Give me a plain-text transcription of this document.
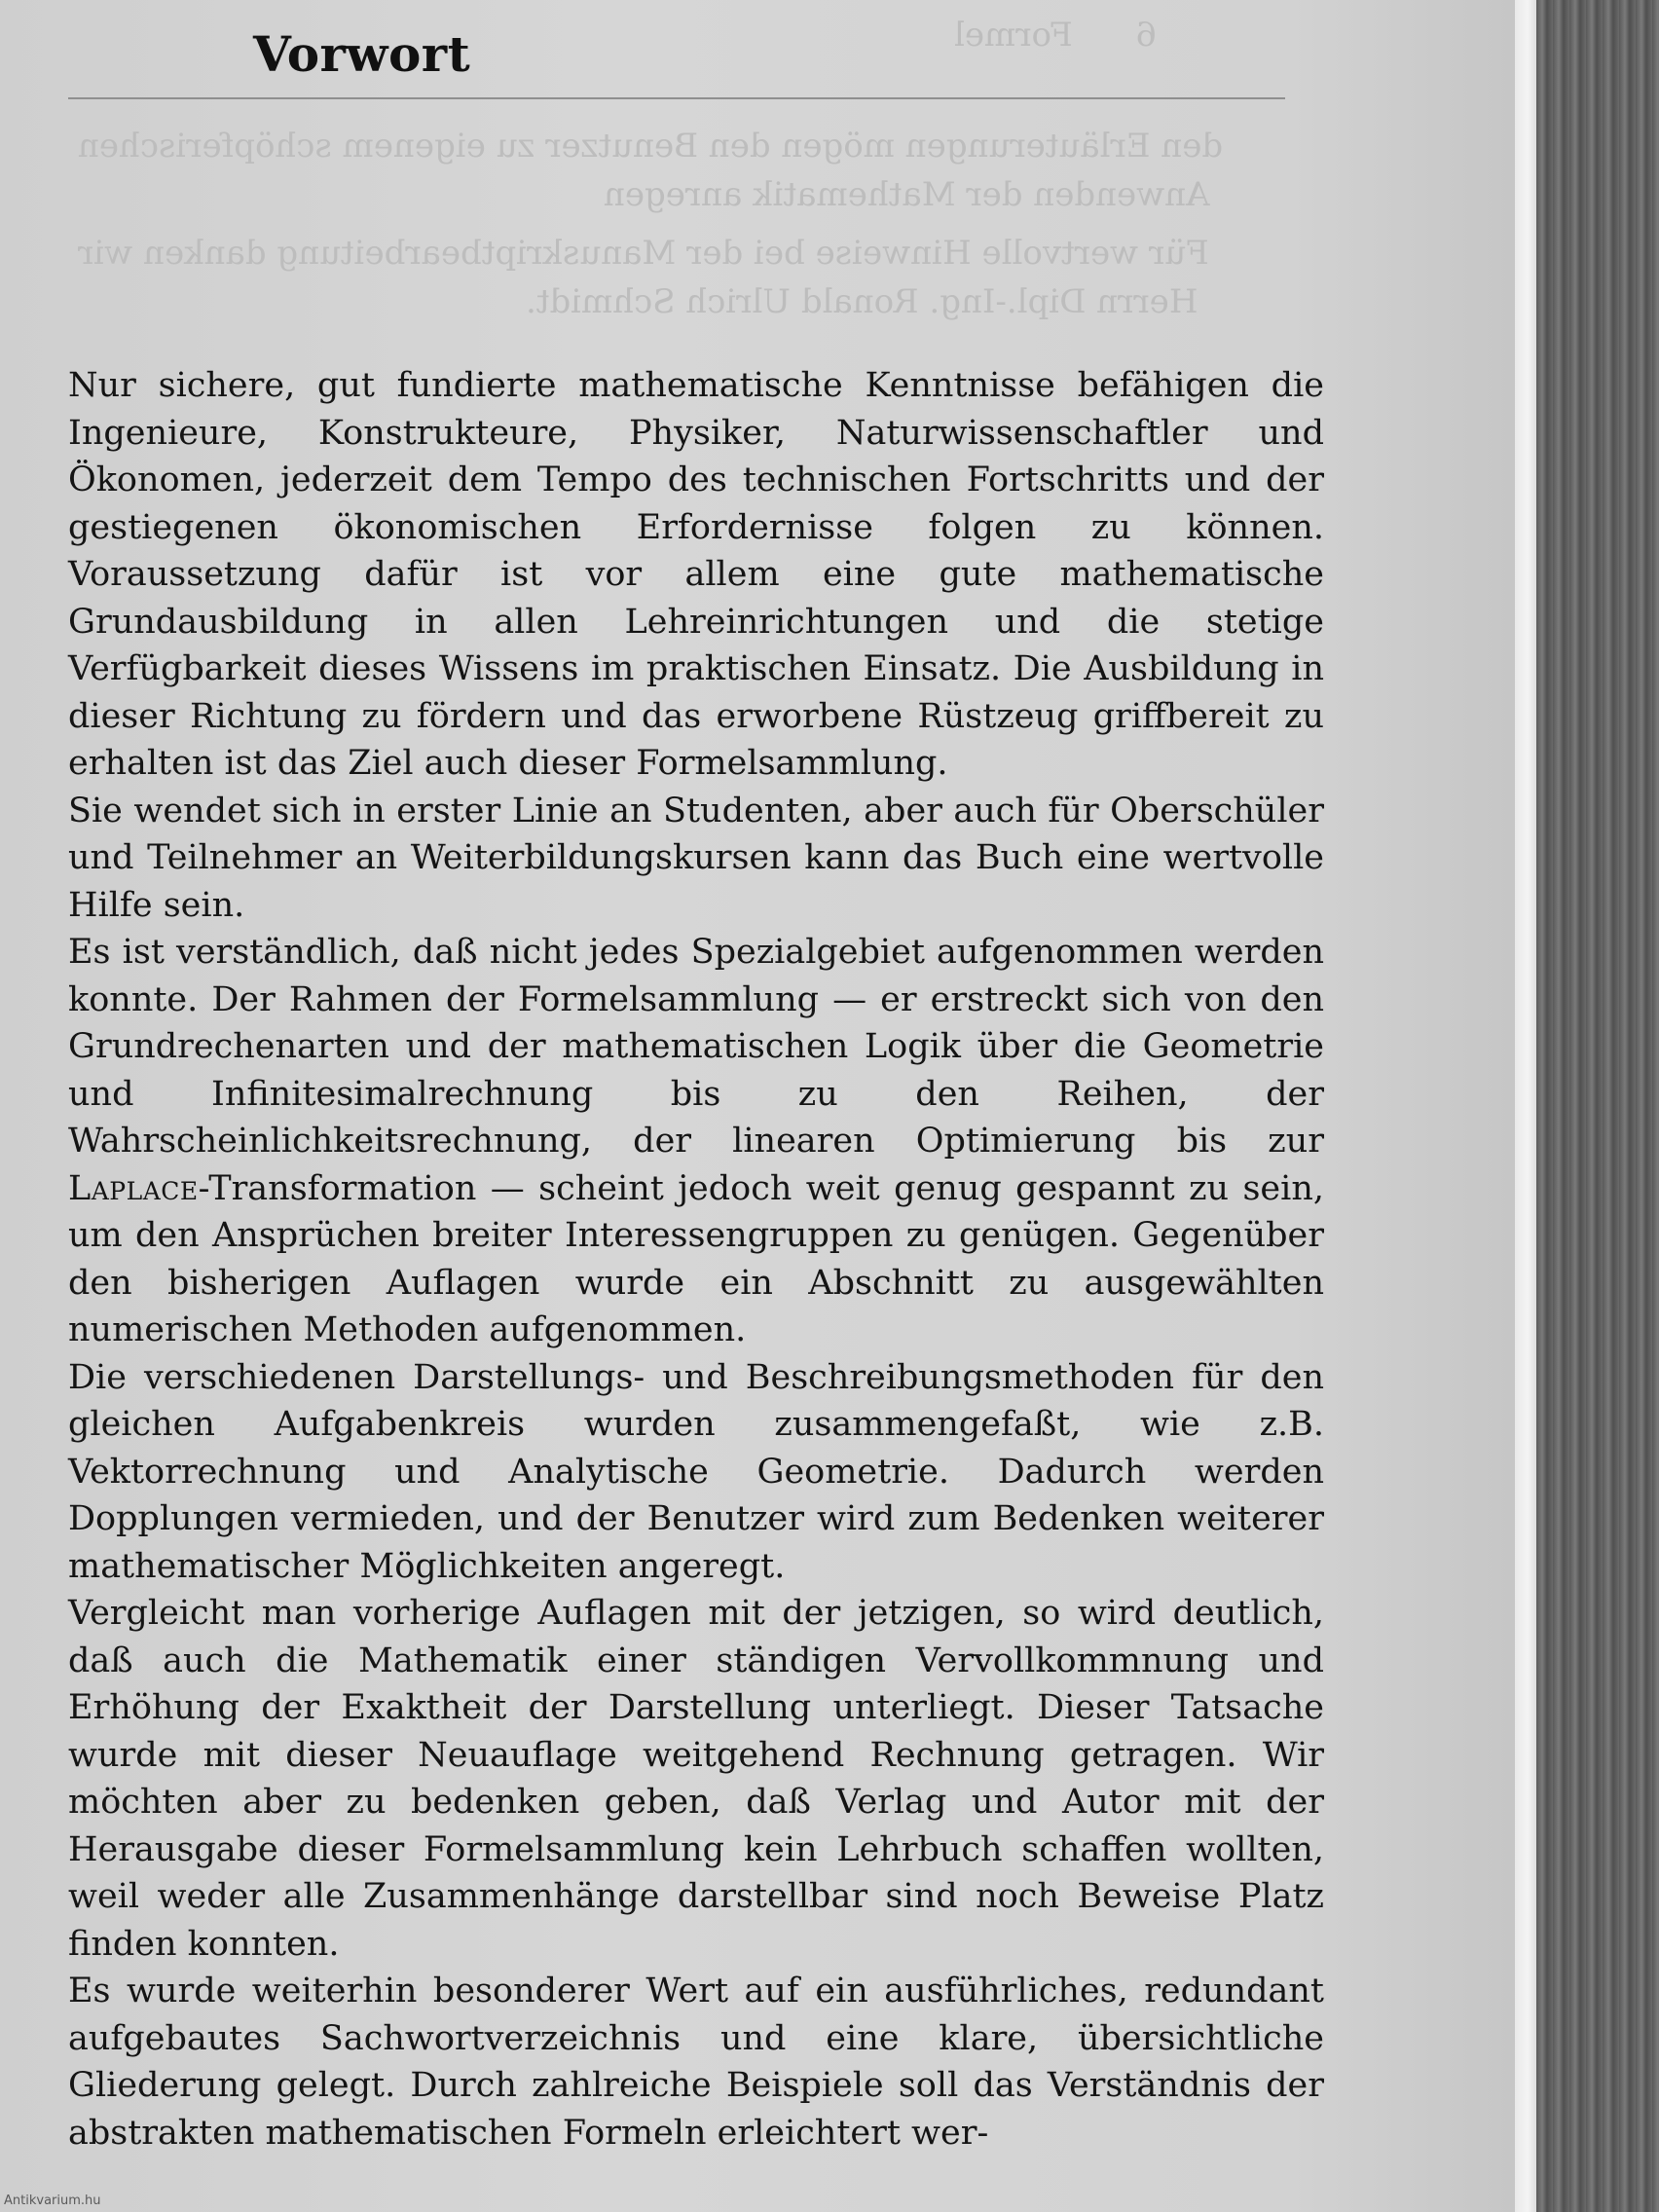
6      Formel
den Erläuterungen mögen den Benutzer zu eigenem schöpferischen
Anwenden der Mathematik anregen
Für wertvolle Hinweise bei der Manuskriptbearbeitung danken wir
Herrn Dipl.-Ing. Ronald Ulrich Schmidt.
Vorwort

Nur sichere, gut fundierte mathematische Kenntnisse befähigen die Ingenieure, Konstrukteure, Physiker, Naturwissenschaftler und Ökonomen, jederzeit dem Tempo des technischen Fortschritts und der gestiegenen ökonomischen Erfordernisse folgen zu können. Voraussetzung dafür ist vor allem eine gute mathematische Grundausbildung in allen Lehreinrichtungen und die stetige Verfügbarkeit dieses Wissens im praktischen Einsatz. Die Ausbildung in dieser Richtung zu fördern und das erworbene Rüstzeug griffbereit zu erhalten ist das Ziel auch dieser Formelsammlung.

Sie wendet sich in erster Linie an Studenten, aber auch für Oberschüler und Teilnehmer an Weiterbildungskursen kann das Buch eine wertvolle Hilfe sein.

Es ist verständlich, daß nicht jedes Spezialgebiet aufgenommen werden konnte. Der Rahmen der Formelsammlung — er erstreckt sich von den Grundrechenarten und der mathematischen Logik über die Geometrie und Infinitesimalrechnung bis zu den Reihen, der Wahrscheinlichkeitsrechnung, der linearen Optimierung bis zur Laplace-Transformation — scheint jedoch weit genug gespannt zu sein, um den Ansprüchen breiter Interessengruppen zu genügen. Gegenüber den bisherigen Auflagen wurde ein Abschnitt zu ausgewählten numerischen Methoden aufgenommen.

Die verschiedenen Darstellungs- und Beschreibungsmethoden für den gleichen Aufgabenkreis wurden zusammengefaßt, wie z.B. Vektorrechnung und Analytische Geometrie. Dadurch werden Dopplungen vermieden, und der Benutzer wird zum Bedenken weiterer mathematischer Möglichkeiten angeregt.

Vergleicht man vorherige Auflagen mit der jetzigen, so wird deutlich, daß auch die Mathematik einer ständigen Vervollkommnung und Erhöhung der Exaktheit der Darstellung unterliegt. Dieser Tatsache wurde mit dieser Neuauflage weitgehend Rechnung getragen. Wir möchten aber zu bedenken geben, daß Verlag und Autor mit der Herausgabe dieser Formelsammlung kein Lehrbuch schaffen wollten, weil weder alle Zusammenhänge darstellbar sind noch Beweise Platz finden konnten.

Es wurde weiterhin besonderer Wert auf ein ausführliches, redundant aufgebautes Sachwortverzeichnis und eine klare, übersichtliche Gliederung gelegt. Durch zahlreiche Beispiele soll das Verständnis der abstrakten mathematischen Formeln erleichtert wer-

Antikvarium.hu
